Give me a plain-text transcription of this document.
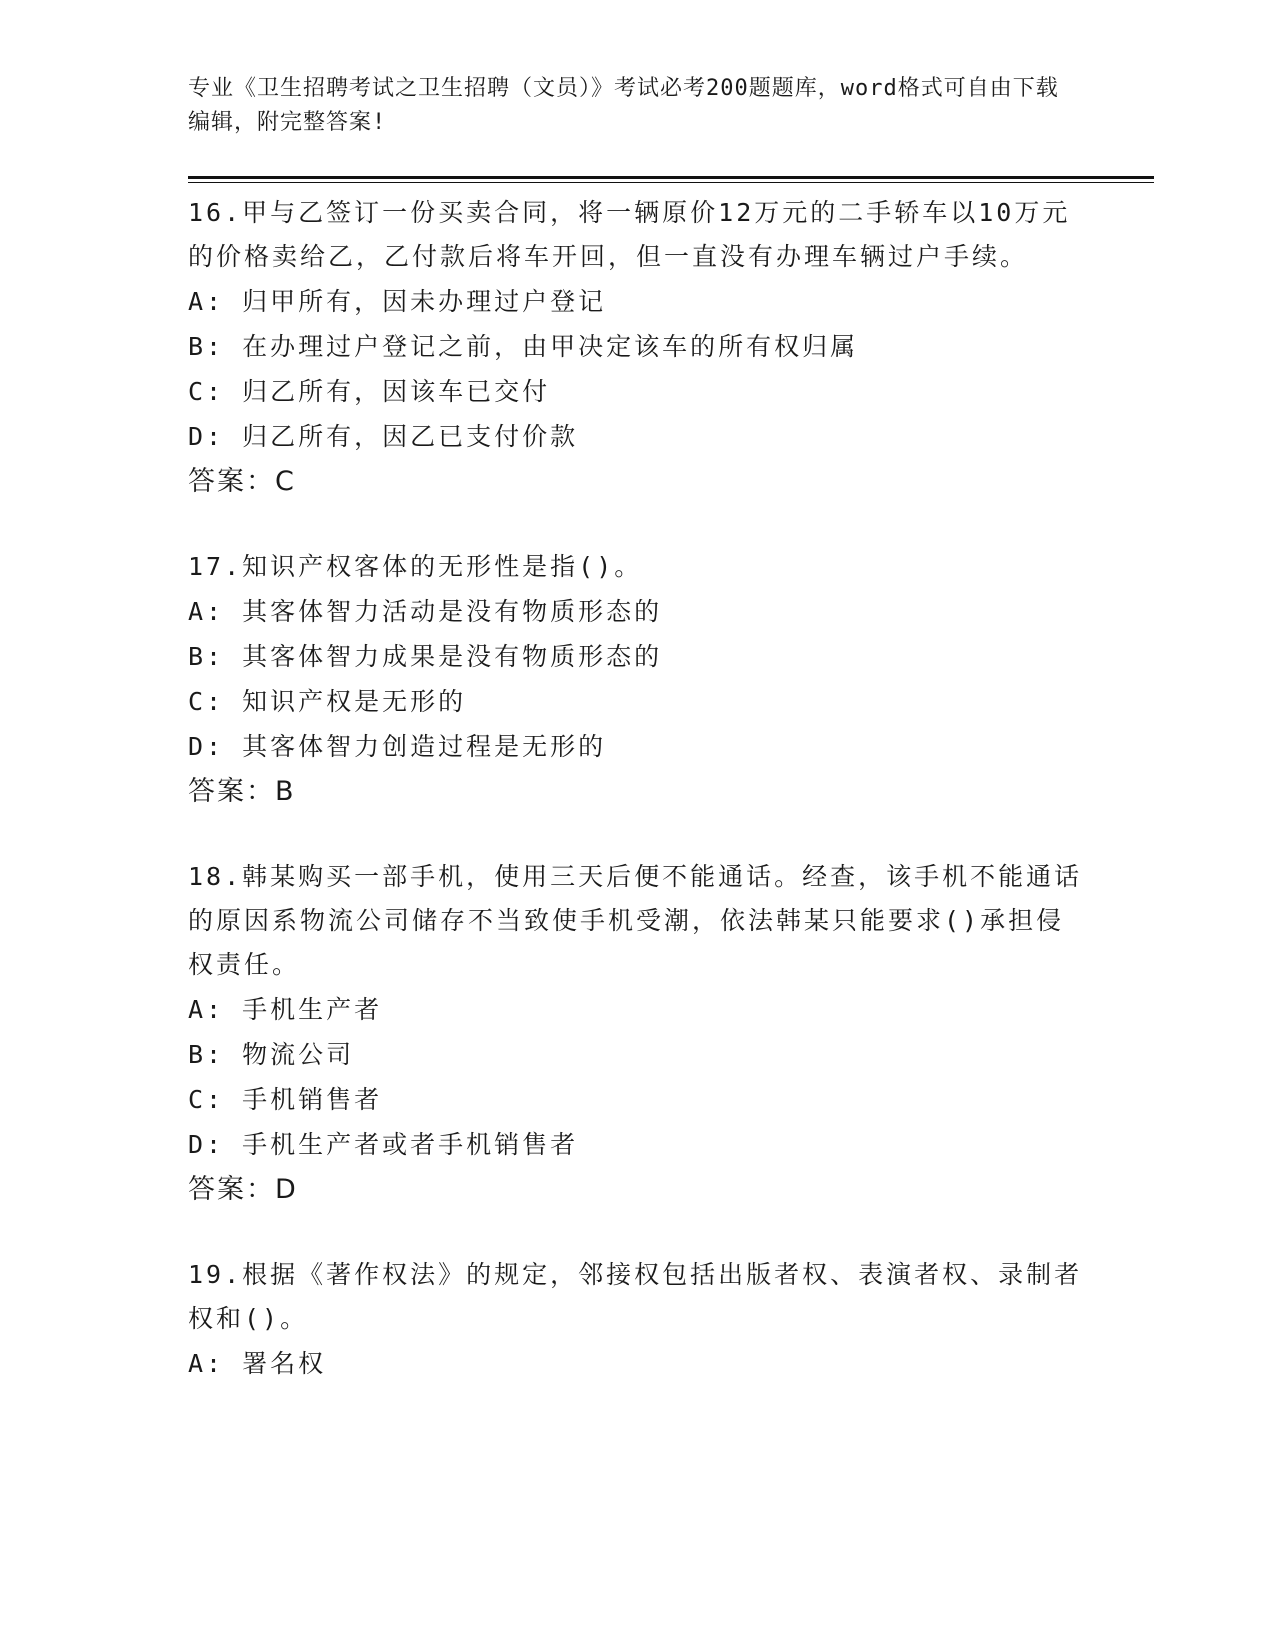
专业《卫生招聘考试之卫生招聘（文员）》考试必考200题题库，word格式可自由下载编辑，附完整答案!
16.甲与乙签订一份买卖合同，将一辆原价12万元的二手轿车以10万元的价格卖给乙，乙付款后将车开回，但一直没有办理车辆过户手续。
A: 归甲所有，因未办理过户登记
B: 在办理过户登记之前，由甲决定该车的所有权归属
C: 归乙所有，因该车已交付
D: 归乙所有，因乙已支付价款
答案：C
17.知识产权客体的无形性是指()。
A: 其客体智力活动是没有物质形态的
B: 其客体智力成果是没有物质形态的
C: 知识产权是无形的
D: 其客体智力创造过程是无形的
答案：B
18.韩某购买一部手机，使用三天后便不能通话。经查，该手机不能通话的原因系物流公司储存不当致使手机受潮，依法韩某只能要求()承担侵权责任。
A: 手机生产者
B: 物流公司
C: 手机销售者
D: 手机生产者或者手机销售者
答案：D
19.根据《著作权法》的规定，邻接权包括出版者权、表演者权、录制者权和()。
A: 署名权
